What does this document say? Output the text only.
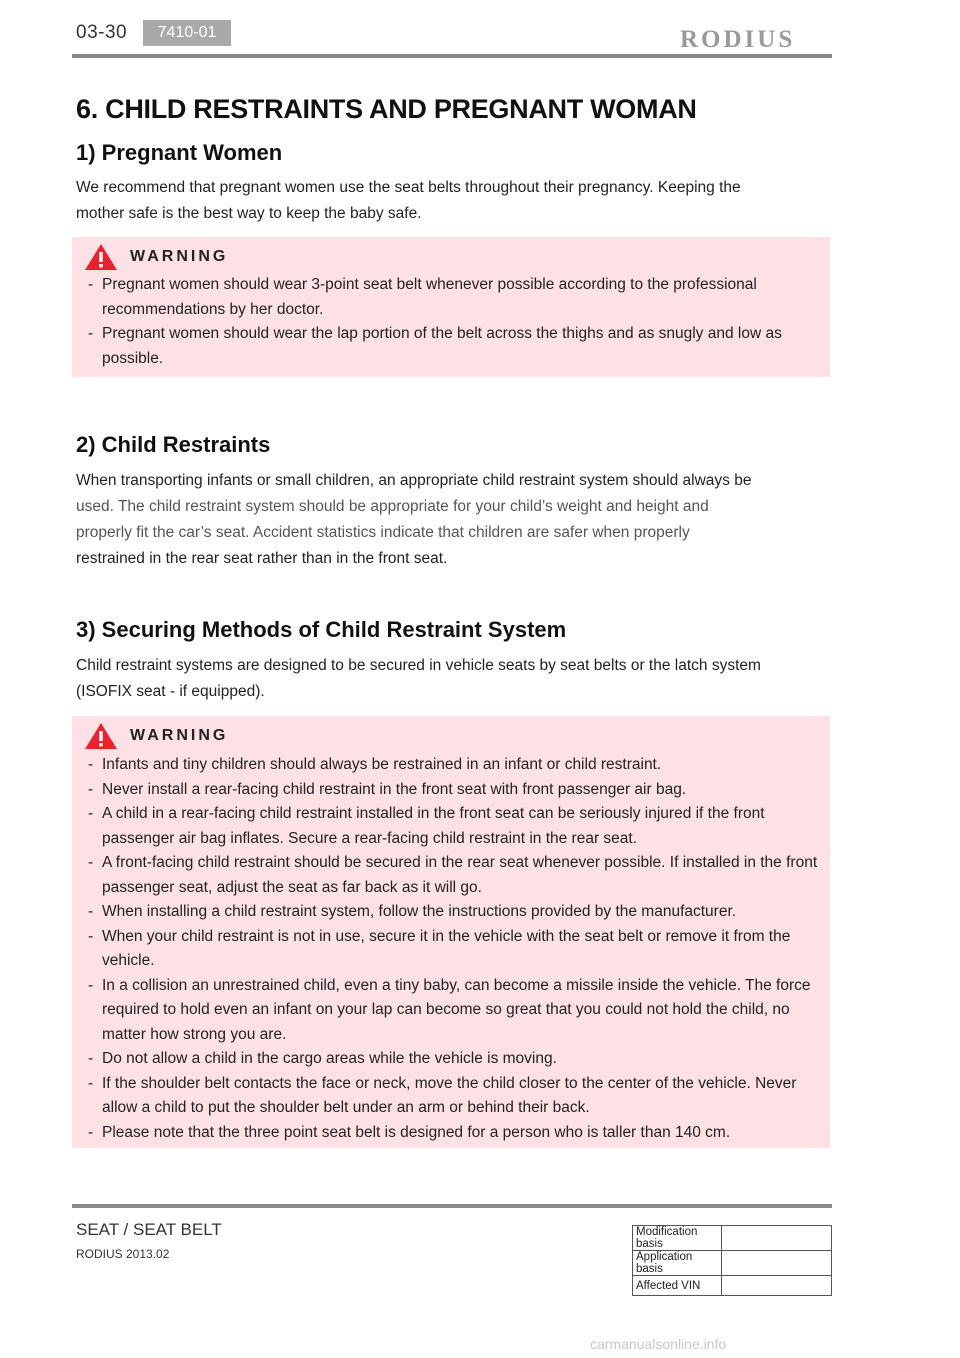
03-30	7410-01	RODIUS
6. CHILD RESTRAINTS AND PREGNANT WOMAN
1) Pregnant Women
We recommend that pregnant women use the seat belts throughout their pregnancy. Keeping the
mother safe is the best way to keep the baby safe.
WARNING
- Pregnant women should wear 3-point seat belt whenever possible according to the professional recommendations by her doctor.
- Pregnant women should wear the lap portion of the belt across the thighs and as snugly and low as possible.
2) Child Restraints
When transporting infants or small children, an appropriate child restraint system should always be
used. The child restraint system should be appropriate for your child’s weight and height and
properly fit the car’s seat. Accident statistics indicate that children are safer when properly
restrained in the rear seat rather than in the front seat.
3) Securing Methods of Child Restraint System
Child restraint systems are designed to be secured in vehicle seats by seat belts or the latch system
(ISOFIX seat - if equipped).
WARNING
- Infants and tiny children should always be restrained in an infant or child restraint.
- Never install a rear-facing child restraint in the front seat with front passenger air bag.
- A child in a rear-facing child restraint installed in the front seat can be seriously injured if the front passenger air bag inflates. Secure a rear-facing child restraint in the rear seat.
- A front-facing child restraint should be secured in the rear seat whenever possible. If installed in the front passenger seat, adjust the seat as far back as it will go.
- When installing a child restraint system, follow the instructions provided by the manufacturer.
- When your child restraint is not in use, secure it in the vehicle with the seat belt or remove it from the vehicle.
- In a collision an unrestrained child, even a tiny baby, can become a missile inside the vehicle. The force required to hold even an infant on your lap can become so great that you could not hold the child, no matter how strong you are.
- Do not allow a child in the cargo areas while the vehicle is moving.
- If the shoulder belt contacts the face or neck, move the child closer to the center of the vehicle. Never allow a child to put the shoulder belt under an arm or behind their back.
- Please note that the three point seat belt is designed for a person who is taller than 140 cm.
SEAT / SEAT BELT
RODIUS 2013.02
Modification basis	
Application basis	
Affected VIN	
carmanualsonline.info
